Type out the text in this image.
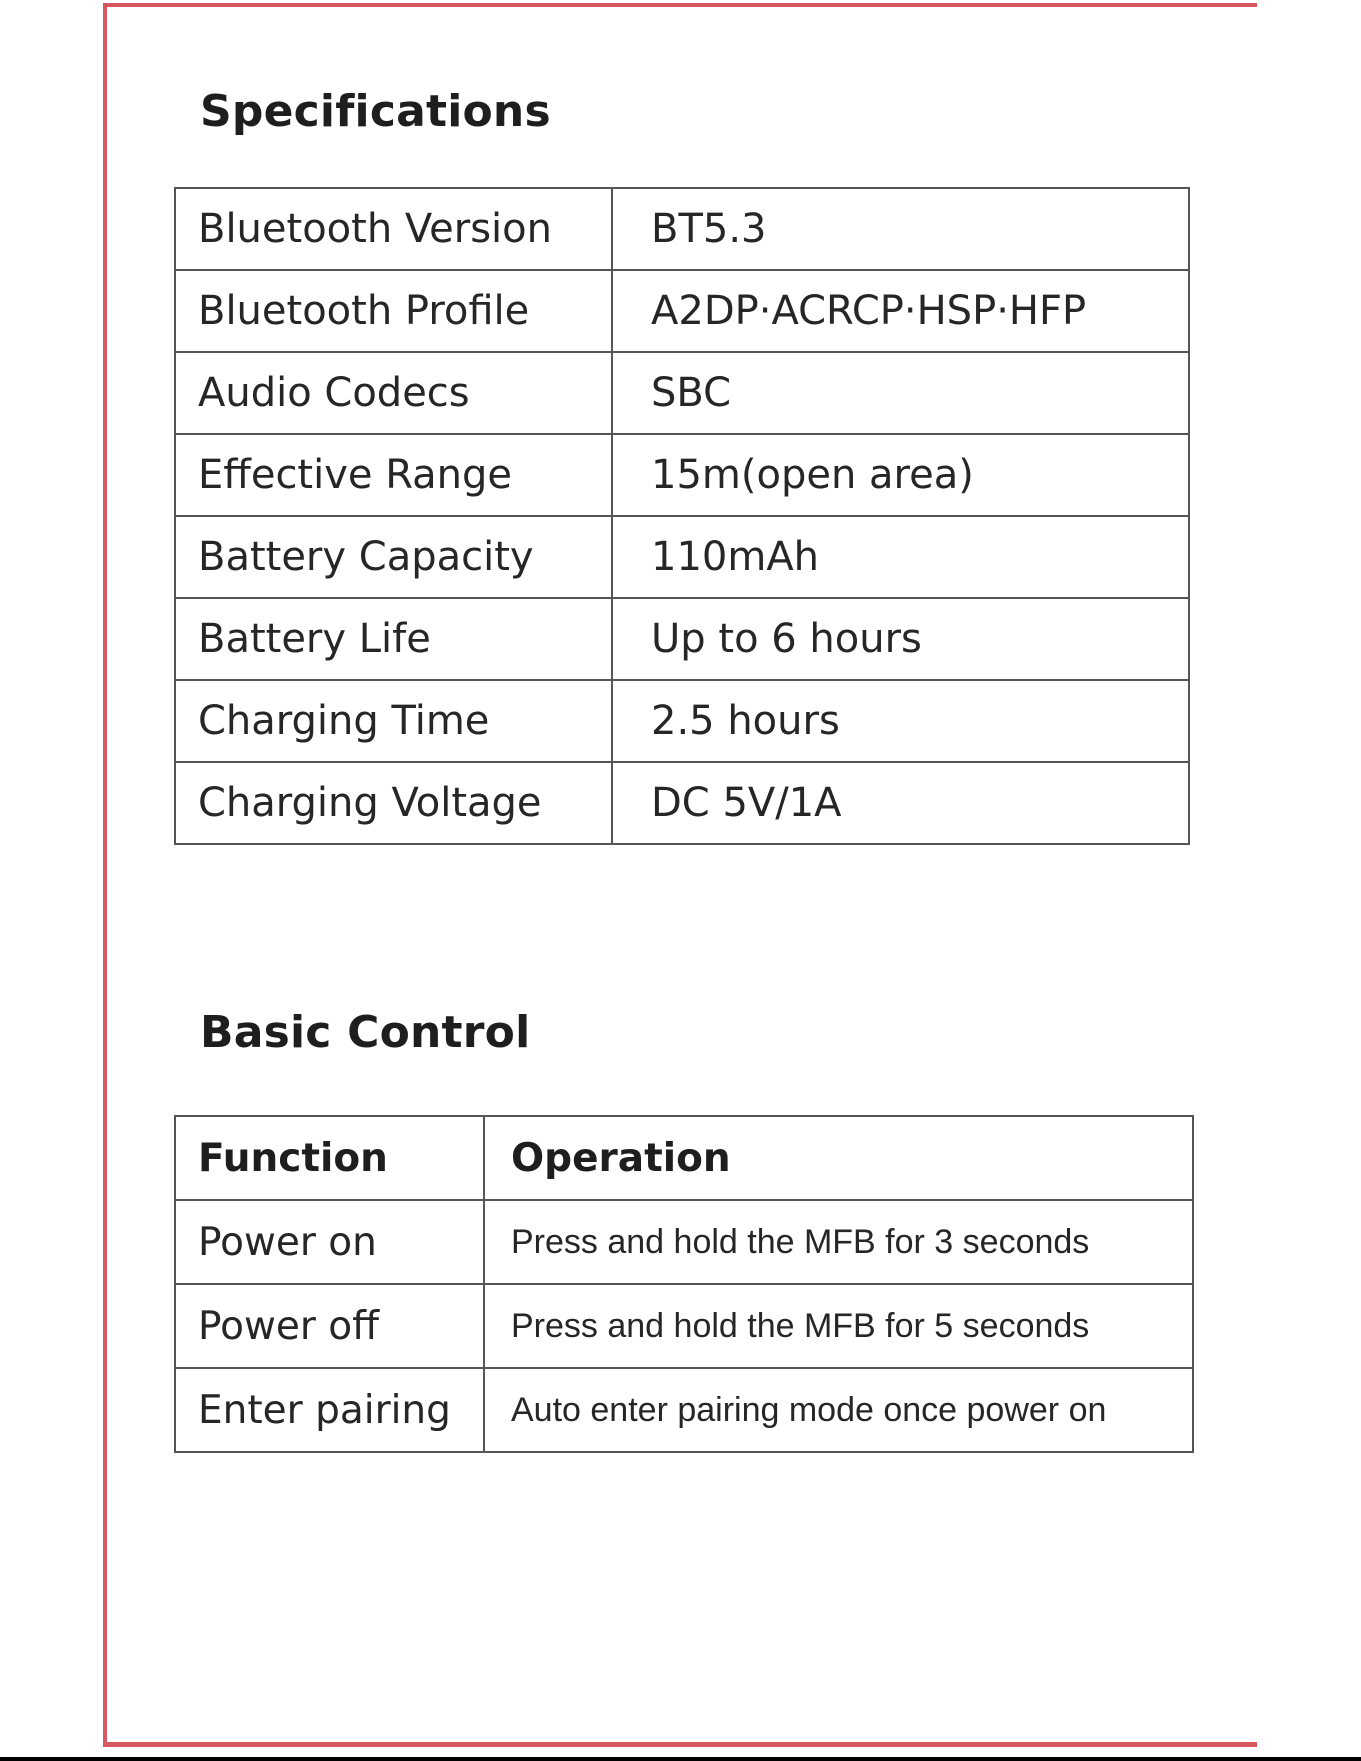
Specifications
Bluetooth Version	BT5.3
Bluetooth Profile	A2DP·ACRCP·HSP·HFP
Audio Codecs	SBC
Effective Range	15m(open area)
Battery Capacity	110mAh
Battery Life	Up to 6 hours
Charging Time	2.5 hours
Charging Voltage	DC 5V/1A
Basic Control
Function	Operation
Power on	Press and hold the MFB for 3 seconds
Power off	Press and hold the MFB for 5 seconds
Enter pairing	Auto enter pairing mode once power on
